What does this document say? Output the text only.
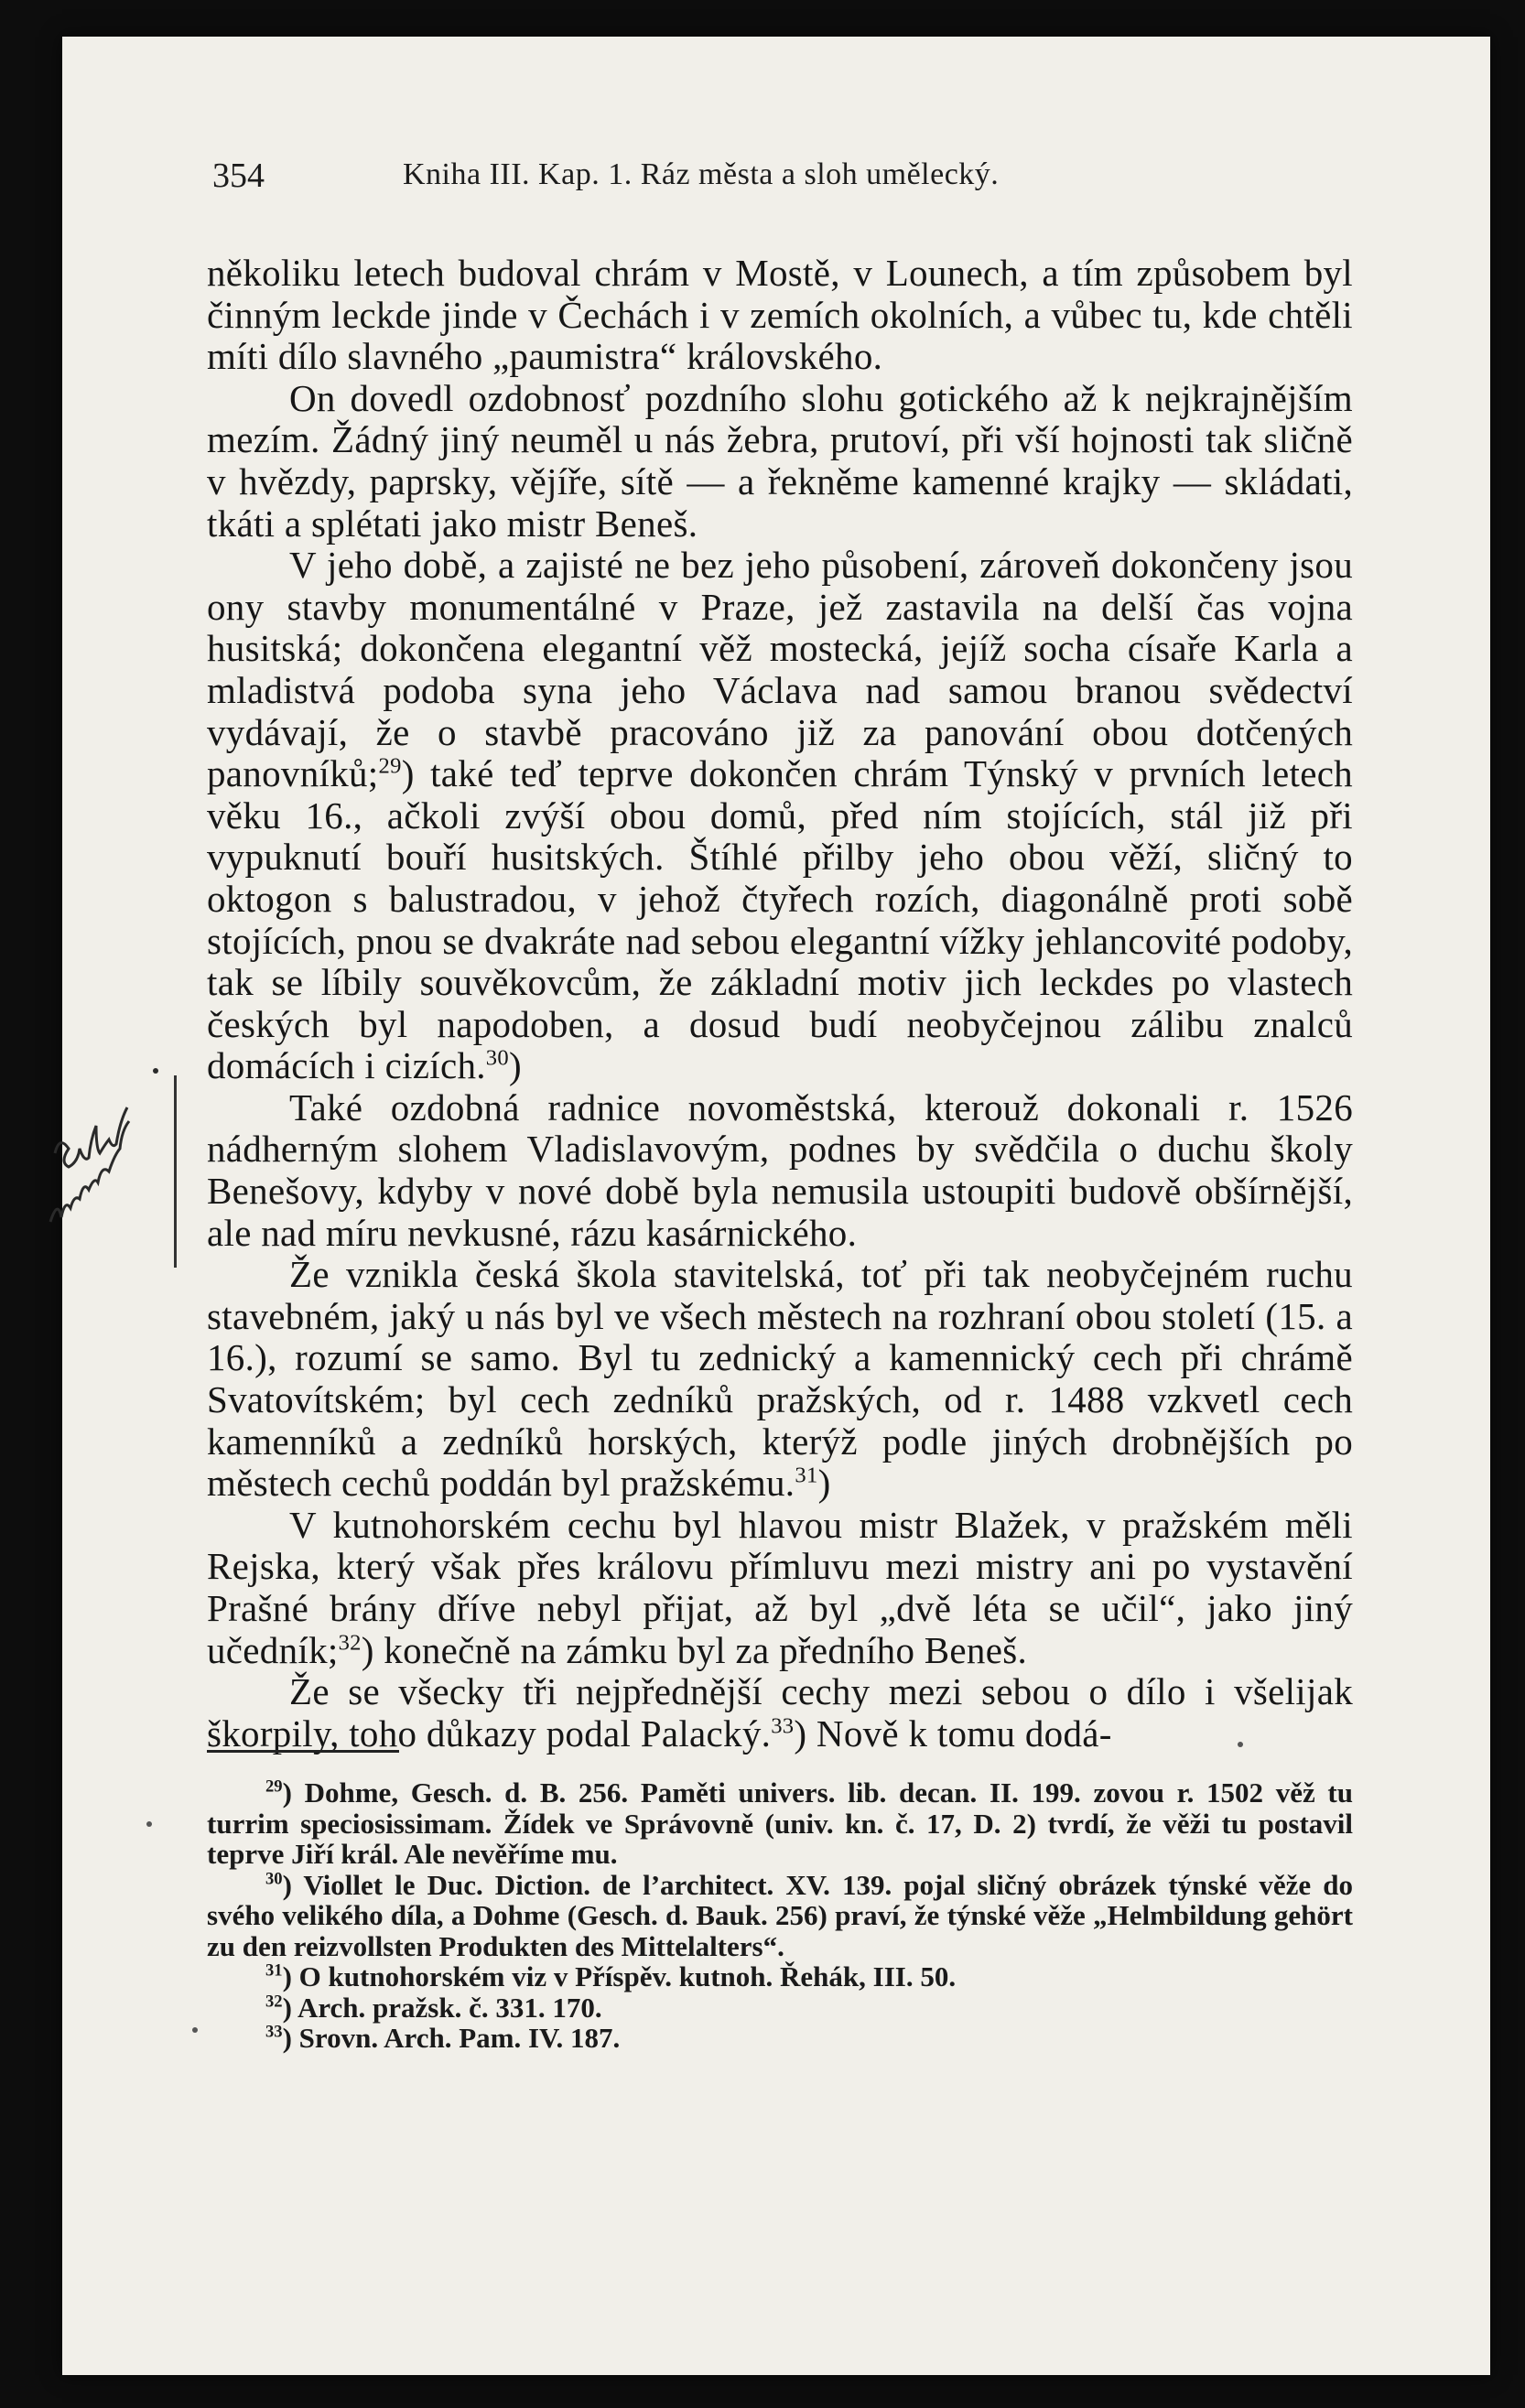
354	Kniha III. Kap. 1. Ráz města a sloh umělecký.

několiku letech budoval chrám v Mostě, v Lounech, a tím způsobem byl činným leckde jinde v Čechách i v zemích okolních, a vůbec tu, kde chtěli míti dílo slavného „paumistra“ královského.

On dovedl ozdobnosť pozdního slohu gotického až k nejkrajnějším mezím. Žádný jiný neuměl u nás žebra, prutoví, při vší hojnosti tak sličně v hvězdy, paprsky, vějíře, sítě — a řekněme kamenné krajky — skládati, tkáti a splétati jako mistr Beneš.

V jeho době, a zajisté ne bez jeho působení, zároveň dokončeny jsou ony stavby monumentálné v Praze, jež zastavila na delší čas vojna husitská; dokončena elegantní věž mostecká, jejíž socha císaře Karla a mladistvá podoba syna jeho Václava nad samou branou svědectví vydávají, že o stavbě pracováno již za panování obou dotčených panovníků;$^{29}$) také teď teprve dokončen chrám Týnský v prvních letech věku 16., ačkoli zvýší obou domů, před ním stojících, stál již při vypuknutí bouří husitských. Štíhlé přilby jeho obou věží, sličný to oktogon s balustradou, v jehož čtyřech rozích, diagonálně proti sobě stojících, pnou se dvakráte nad sebou elegantní vížky jehlancovité podoby, tak se líbily souvěkovcům, že základní motiv jich leckdes po vlastech českých byl napodoben, a dosud budí neobyčejnou zálibu znalců domácích i cizích.$^{30}$)

Také ozdobná radnice novoměstská, kterouž dokonali r. 1526 nádherným slohem Vladislavovým, podnes by svědčila o duchu školy Benešovy, kdyby v nové době byla nemusila ustoupiti budově obšírnější, ale nad míru nevkusné, rázu kasárnického.

Že vznikla česká škola stavitelská, toť při tak neobyčejném ruchu stavebném, jaký u nás byl ve všech městech na rozhraní obou století (15. a 16.), rozumí se samo. Byl tu zednický a kamennický cech při chrámě Svatovítském; byl cech zedníků pražských, od r. 1488 vzkvetl cech kamenníků a zedníků horských, kterýž podle jiných drobnějších po městech cechů poddán byl pražskému.$^{31}$)

V kutnohorském cechu byl hlavou mistr Blažek, v pražském měli Rejska, který však přes královu přímluvu mezi mistry ani po vystavění Prašné brány dříve nebyl přijat, až byl „dvě léta se učil“, jako jiný učedník;$^{32}$) konečně na zámku byl za předního Beneš.

Že se všecky tři nejpřednější cechy mezi sebou o dílo i všelijak škorpily, toho důkazy podal Palacký.$^{33}$) Nově k tomu dodá-

$^{29}$) Dohme, Gesch. d. B. 256. Paměti univers. lib. decan. II. 199. zovou r. 1502 věž tu turrim speciosissimam. Žídek ve Správovně (univ. kn. č. 17, D. 2) tvrdí, že věži tu postavil teprve Jiří král. Ale nevěříme mu.

$^{30}$) Viollet le Duc. Diction. de l’architect. XV. 139. pojal sličný obrázek týnské věže do svého velikého díla, a Dohme (Gesch. d. Bauk. 256) praví, že týnské věže „Helmbildung gehört zu den reizvollsten Produkten des Mittelalters“.

$^{31}$) O kutnohorském viz v Příspěv. kutnoh. Řehák, III. 50.

$^{32}$) Arch. pražsk. č. 331. 170.

$^{33}$) Srovn. Arch. Pam. IV. 187.
